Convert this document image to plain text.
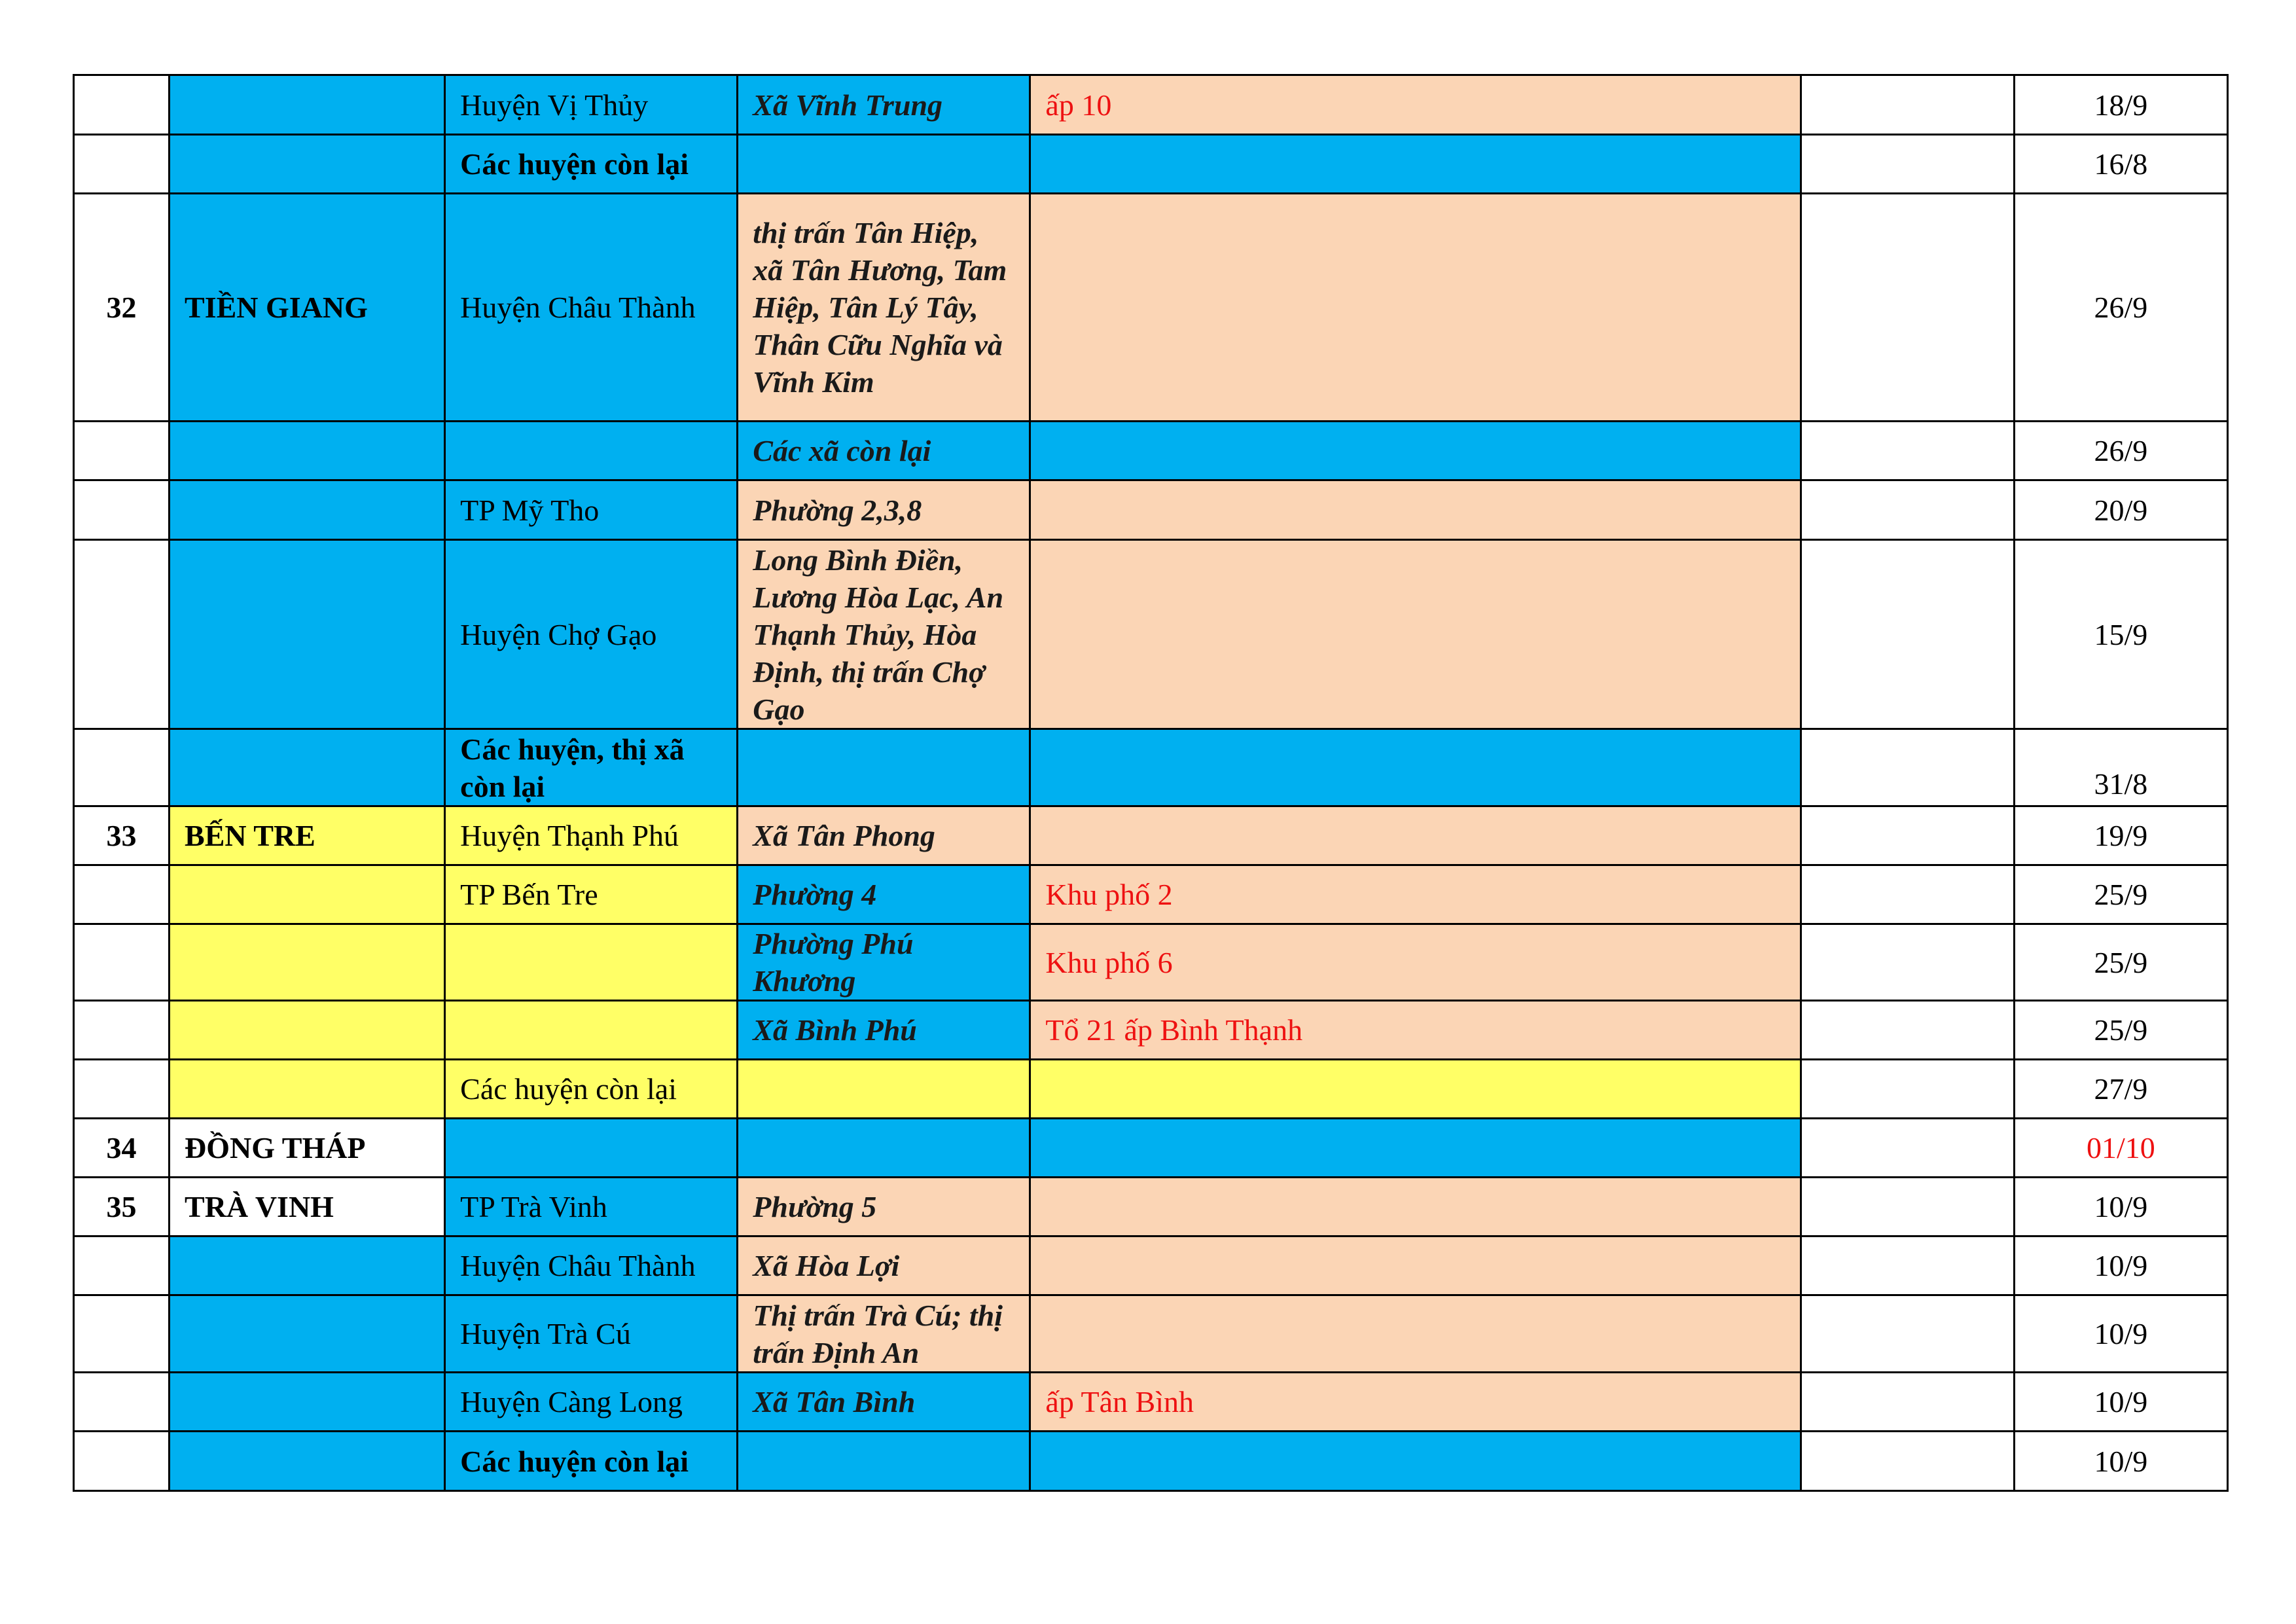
		Huyện Vị Thủy	Xã Vĩnh Trung	ấp 10		18/9
		Các huyện còn lại				16/8
32	TIỀN GIANG	Huyện Châu Thành	thị trấn Tân Hiệp, xã Tân Hương, Tam Hiệp, Tân Lý Tây, Thân Cữu Nghĩa và Vĩnh Kim			26/9
			Các xã còn lại			26/9
		TP Mỹ Tho	Phường 2,3,8			20/9
		Huyện Chợ Gạo	Long Bình Điền, Lương Hòa Lạc, An Thạnh Thủy, Hòa Định, thị trấn Chợ Gạo			15/9
		Các huyện, thị xã còn lại				31/8
33	BẾN TRE	Huyện Thạnh Phú	Xã Tân Phong			19/9
		TP Bến Tre	Phường 4	Khu phố 2		25/9
			Phường Phú Khương	Khu phố 6		25/9
			Xã Bình Phú	Tổ 21 ấp Bình Thạnh		25/9
		Các huyện còn lại				27/9
34	ĐỒNG THÁP					01/10
35	TRÀ VINH	TP Trà Vinh	Phường 5			10/9
		Huyện Châu Thành	Xã Hòa Lợi			10/9
		Huyện Trà Cú	Thị trấn Trà Cú; thị trấn Định An			10/9
		Huyện Càng Long	Xã Tân Bình	ấp Tân Bình		10/9
		Các huyện còn lại				10/9
